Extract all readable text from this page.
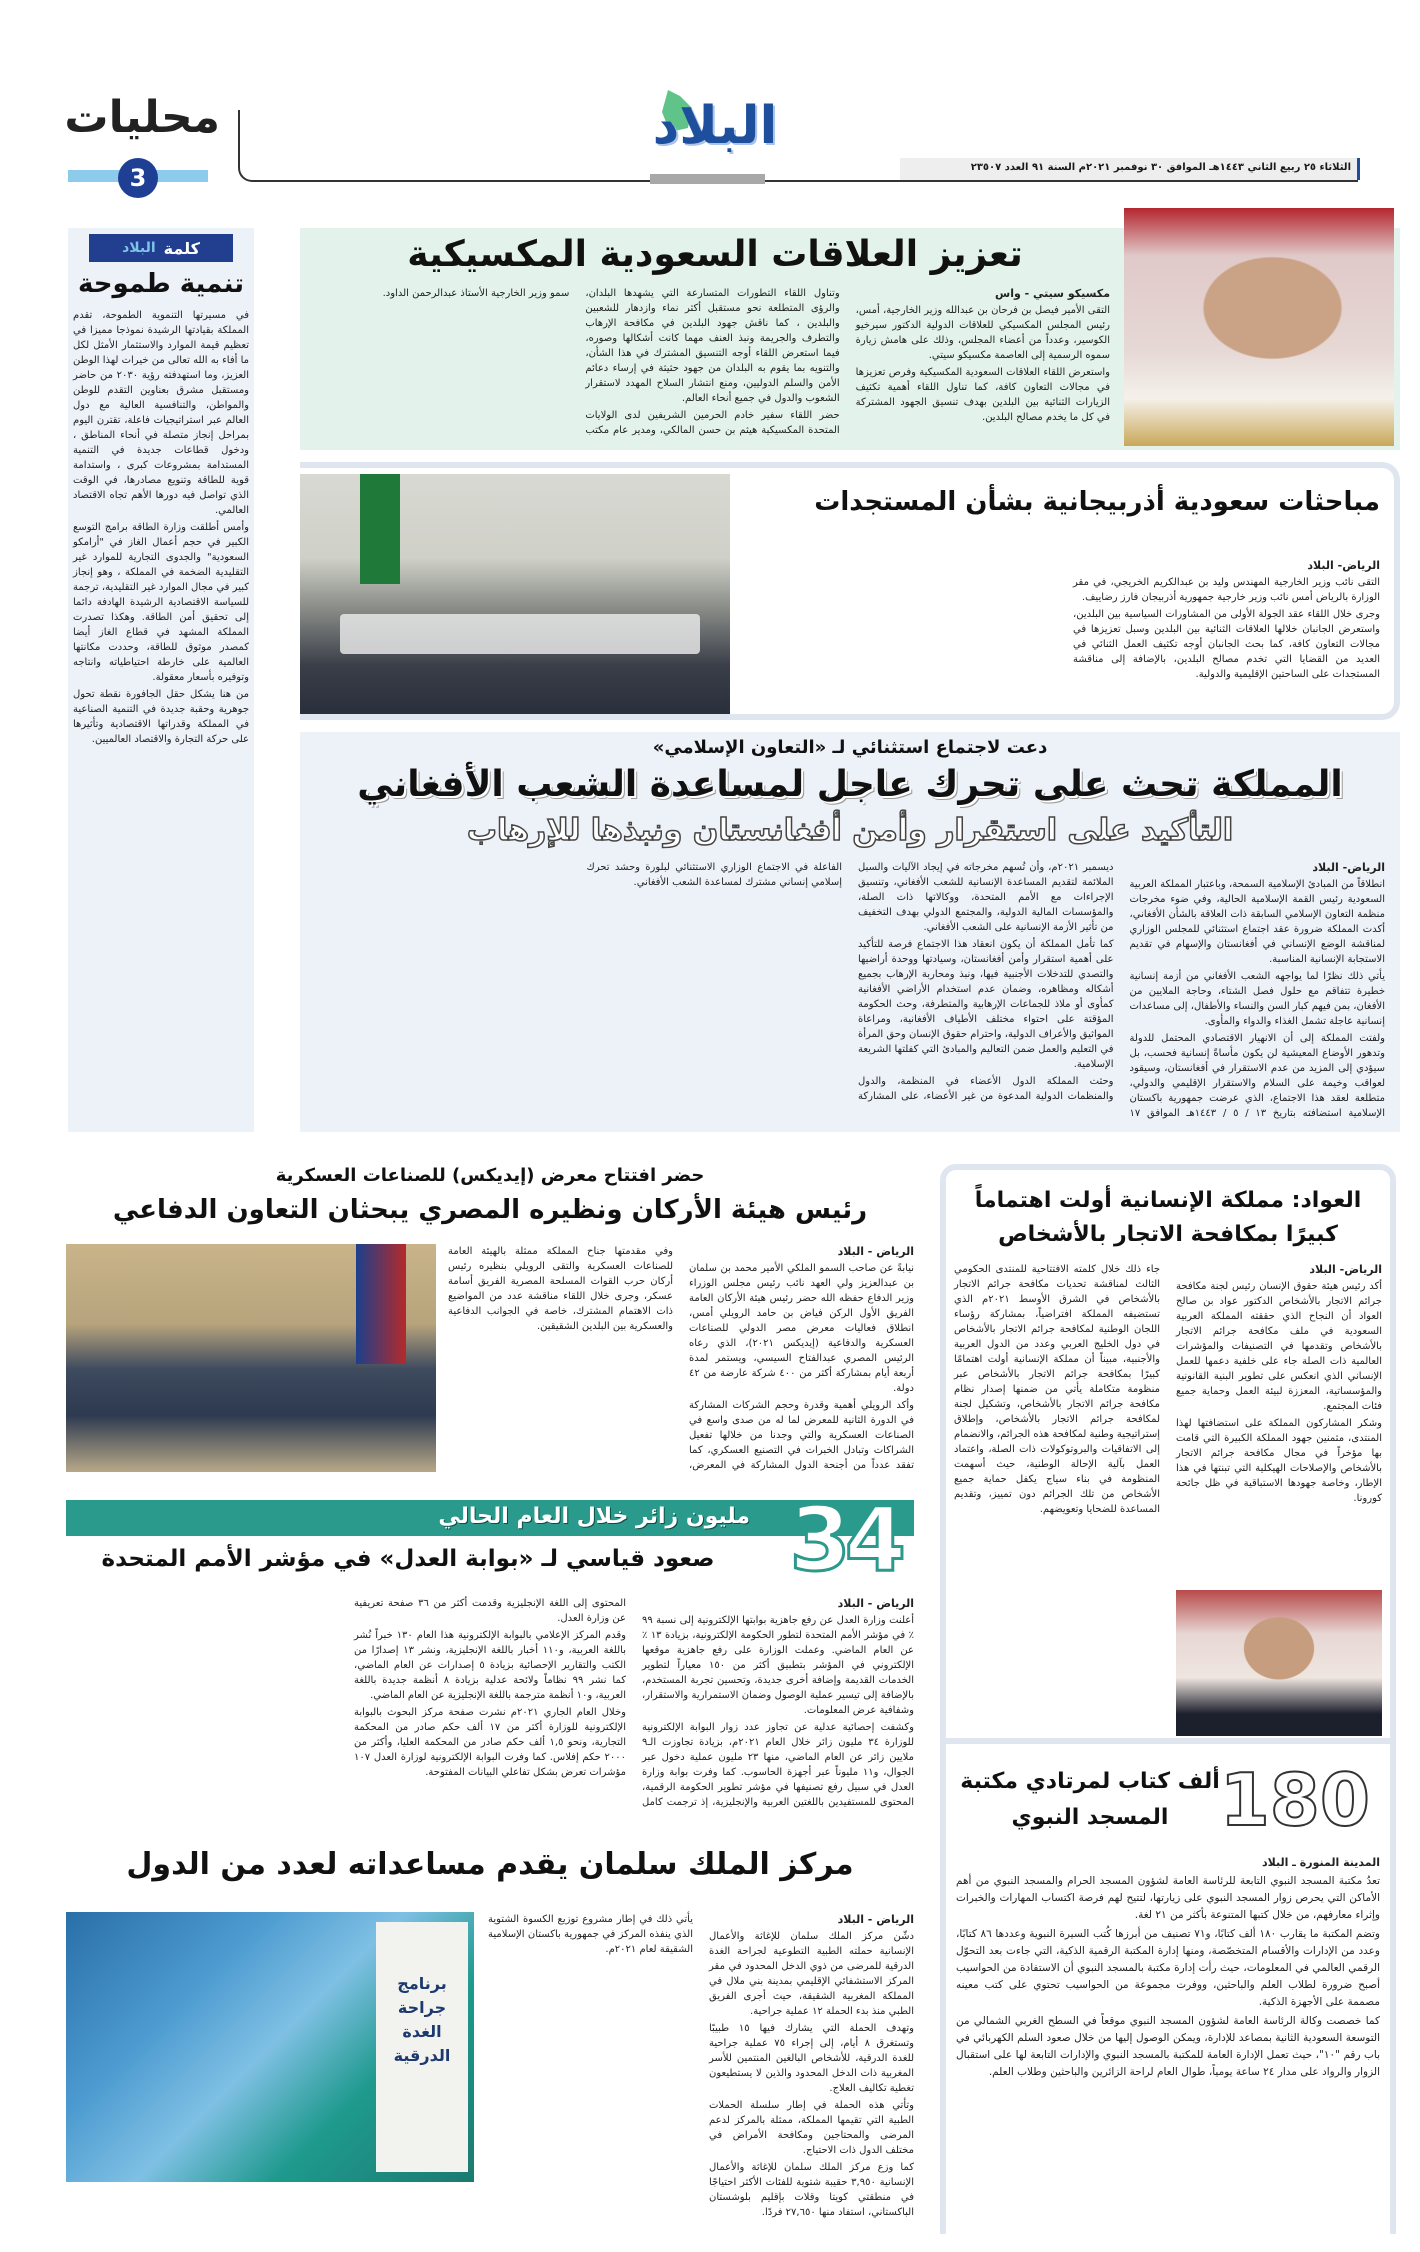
محليات
3
البلاد
الثلاثاء ٢٥ ربيع الثاني ١٤٤٣هـ الموافق ٣٠ نوفمبر ٢٠٢١م السنة ٩١ العدد ٢٣٥٠٧
كلمة
البلاد
تنمية طموحة

في مسيرتها التنموية الطموحة، تقدم المملكة بقيادتها الرشيدة نموذجا مميزا في تعظيم قيمة الموارد والاستثمار الأمثل لكل ما أفاء به الله تعالى من خيرات لهذا الوطن العزيز، وما استهدفته رؤية ٢٠٣٠ من حاضر ومستقبل مشرق بعناوين التقدم للوطن والمواطن، والتنافسية العالية مع دول العالم عبر استراتيجيات فاعلة، تقترن اليوم بمراحل إنجاز متصلة في أنحاء المناطق ، ودخول قطاعات جديدة في التنمية المستدامة بمشروعات كبرى ، واستدامة قوية للطاقة وتنويع مصادرها، في الوقت الذي تواصل فيه دورها الأهم تجاه الاقتصاد العالمي.

وأمس أطلقت وزارة الطاقة برامج التوسع الكبير في حجم أعمال الغاز في "أرامكو السعودية" والجدوى التجارية للموارد غير التقليدية الضخمة في المملكة ، وهو إنجاز كبير في مجال الموارد غير التقليدية، ترجمة للسياسة الاقتصادية الرشيدة الهادفة دائما إلى تحقيق أمن الطاقة. وهكذا تصدرت المملكة المشهد في قطاع الغاز أيضا كمصدر موثوق للطاقة، وحددت مكانتها العالمية على خارطة احتياطياته وانتاجه وتوفيره بأسعار معقولة.

من هنا يشكل حقل الجافورة نقطة تحول جوهرية وحقبة جديدة في التنمية الصناعية في المملكة وقدراتها الاقتصادية وتأثيرها على حركة التجارة والاقتصاد العالميين.

تعزيز العلاقات السعودية المكسيكية

مكسيكو سيتي - واس

التقى الأمير فيصل بن فرحان بن عبدالله وزير الخارجية، أمس، رئيس المجلس المكسيكي للعلاقات الدولية الدكتور سيرخيو الكوسير، وعدداً من أعضاء المجلس، وذلك على هامش زيارة سموه الرسمية إلى العاصمة مكسيكو سيتي.

واستعرض اللقاء العلاقات السعودية المكسيكية وفرص تعزيزها في مجالات التعاون كافة، كما تناول اللقاء أهمية تكثيف الزيارات الثنائية بين البلدين بهدف تنسيق الجهود المشتركة في كل ما يخدم مصالح البلدين.

وتناول اللقاء التطورات المتسارعة التي يشهدها البلدان، والرؤى المتطلعة نحو مستقبل أكثر نماء وازدهار للشعبين والبلدين ، كما ناقش جهود البلدين في مكافحة الإرهاب والتطرف والجريمة ونبذ العنف مهما كانت أشكالها وصوره، فيما استعرض اللقاء أوجه التنسيق المشترك في هذا الشأن، والتنويه بما يقوم به البلدان من جهود حثيثة في إرساء دعائم الأمن والسلم الدوليين، ومنع انتشار السلاح المهدد لاستقرار الشعوب والدول في جميع أنحاء العالم.

حضر اللقاء سفير خادم الحرمين الشريفين لدى الولايات المتحدة المكسيكية هيثم بن حسن المالكي، ومدير عام مكتب سمو وزير الخارجية الأستاذ عبدالرحمن الداود.

مباحثات سعودية أذربيجانية بشأن المستجدات

الرياض- البلاد

التقى نائب وزير الخارجية المهندس وليد بن عبدالكريم الخريجي، في مقر الوزارة بالرياض أمس نائب وزير خارجية جمهورية أذربيجان فارز رضاييف.

وجرى خلال اللقاء عقد الجولة الأولى من المشاورات السياسية بين البلدين، واستعرض الجانبان خلالها العلاقات الثنائية بين البلدين وسبل تعزيزها في مجالات التعاون كافة، كما بحث الجانبان أوجه تكثيف العمل الثنائي في العديد من القضايا التي تخدم مصالح البلدين، بالإضافة إلى مناقشة المستجدات على الساحتين الإقليمية والدولية.

دعت لاجتماع استثنائي لـ «التعاون الإسلامي»
المملكة تحث على تحرك عاجل لمساعدة الشعب الأفغاني
التأكيد على استقرار وأمن أفغانستان ونبذها للإرهاب

الرياض- البلاد

انطلاقاً من المبادئ الإسلامية السمحة، وباعتبار المملكة العربية السعودية رئيس القمة الإسلامية الحالية، وفي ضوء مخرجات منظمة التعاون الإسلامي السابقة ذات العلاقة بالشأن الأفغاني، أكدت المملكة ضرورة عقد اجتماع استثنائي للمجلس الوزاري لمناقشة الوضع الإنساني في أفغانستان والإسهام في تقديم الاستجابة الإنسانية المناسبة.

يأتي ذلك نظرًا لما يواجهه الشعب الأفغاني من أزمة إنسانية خطيرة تتفاقم مع حلول فصل الشتاء، وحاجة الملايين من الأفغان، بمن فيهم كبار السن والنساء والأطفال، إلى مساعدات إنسانية عاجلة تشمل الغذاء والدواء والمأوى.

ولفتت المملكة إلى أن الانهيار الاقتصادي المحتمل للدولة وتدهور الأوضاع المعيشية لن يكون مأساةً إنسانية فحسب، بل سيؤدي إلى المزيد من عدم الاستقرار في أفغانستان، وسيقود لعواقب وخيمة على السلام والاستقرار الإقليمي والدولي، متطلعة لعقد هذا الاجتماع، الذي عرضت جمهورية باكستان الإسلامية استضافته بتاريخ ١٣ / ٥ / ١٤٤٣هـ الموافق ١٧ ديسمبر ٢٠٢١م، وأن تُسهم مخرجاته في إيجاد الآليات والسبل الملائمة لتقديم المساعدة الإنسانية للشعب الأفغاني، وتنسيق الإجراءات مع الأمم المتحدة، ووكالاتها ذات الصلة، والمؤسسات المالية الدولية، والمجتمع الدولي بهدف التخفيف من تأثير الأزمة الإنسانية على الشعب الأفغاني.

كما تأمل المملكة أن يكون انعقاد هذا الاجتماع فرصة للتأكيد على أهمية استقرار وأمن أفغانستان، وسيادتها ووحدة أراضيها والتصدي للتدخلات الأجنبية فيها، ونبذ ومحاربة الإرهاب بجميع أشكاله ومظاهره، وضمان عدم استخدام الأراضي الأفغانية كمأوى أو ملاذ للجماعات الإرهابية والمتطرفة، وحث الحكومة المؤقتة على احتواء مختلف الأطياف الأفغانية، ومراعاة المواثيق والأعراف الدولية، واحترام حقوق الإنسان وحق المرأة في التعليم والعمل ضمن التعاليم والمبادئ التي كفلتها الشريعة الإسلامية.

وحثت المملكة الدول الأعضاء في المنظمة، والدول والمنظمات الدولية المدعوة من غير الأعضاء، على المشاركة الفاعلة في الاجتماع الوزاري الاستثنائي لبلورة وحشد تحرك إسلامي إنساني مشترك لمساعدة الشعب الأفغاني.

حضر افتتاح معرض (إيديكس) للصناعات العسكرية
رئيس هيئة الأركان ونظيره المصري يبحثان التعاون الدفاعي

الرياض - البلاد

نيابةً عن صاحب السمو الملكي الأمير محمد بن سلمان بن عبدالعزيز ولي العهد نائب رئيس مجلس الوزراء وزير الدفاع حفظه الله حضر رئيس هيئة الأركان العامة الفريق الأول الركن فياض بن حامد الرويلي أمس، انطلاق فعاليات معرض مصر الدولي للصناعات العسكرية والدفاعية (إيديكس ٢٠٢١)، الذي رعاه الرئيس المصري عبدالفتاح السيسي، ويستمر لمدة أربعة أيام بمشاركة أكثر من ٤٠٠ شركة عارضة من ٤٢ دولة.

وأكد الرويلي أهمية وقدرة وحجم الشركات المشاركة في الدورة الثانية للمعرض لما له من صدى واسع في الصناعات العسكرية والتي وجدنا من خلالها تفعيل الشراكات وتبادل الخبرات في التصنيع العسكري، كما تفقد عدداً من أجنحة الدول المشاركة في المعرض، وفي مقدمتها جناح المملكة ممثلة بالهيئة العامة للصناعات العسكرية والتقى الرويلي بنظيره رئيس أركان حرب القوات المسلحة المصرية الفريق أسامة عسكر، وجرى خلال اللقاء مناقشة عدد من المواضيع ذات الاهتمام المشترك، خاصة في الجوانب الدفاعية والعسكرية بين البلدين الشقيقين.

العواد: مملكة الإنسانية أولت اهتماماً كبيرًا بمكافحة الاتجار بالأشخاص

الرياض- البلاد

أكد رئيس هيئة حقوق الإنسان رئيس لجنة مكافحة جرائم الاتجار بالأشخاص الدكتور عواد بن صالح العواد أن النجاح الذي حققته المملكة العربية السعودية في ملف مكافحة جرائم الاتجار بالأشخاص وتقدمها في التصنيفات والمؤشرات العالمية ذات الصلة جاء على خلفية دعمها للعمل الإنساني الذي انعكس على تطوير البنية القانونية والمؤسساتية، المعززة لبيئة العمل وحماية جميع فئات المجتمع.

وشكر المشاركون المملكة على استضافتها لهذا المنتدى، مثمنين جهود المملكة الكبيرة التي قامت بها مؤخراً في مجال مكافحة جرائم الاتجار بالأشخاص والإصلاحات الهيكلية التي تبنتها في هذا الإطار، وخاصة جهودها الاستباقية في ظل جائحة كورونا.

جاء ذلك خلال كلمته الافتتاحية للمنتدى الحكومي الثالث لمناقشة تحديات مكافحة جرائم الاتجار بالأشخاص في الشرق الأوسط ٢٠٢١م الذي تستضيفه المملكة افتراضياً، بمشاركة رؤساء اللجان الوطنية لمكافحة جرائم الاتجار بالأشخاص في دول الخليج العربي وعدد من الدول العربية والأجنبية، مبيناً أن مملكة الإنسانية أولت اهتمامًا كبيرًا بمكافحة جرائم الاتجار بالأشخاص عبر منظومة متكاملة يأتي من ضمنها إصدار نظام مكافحة جرائم الاتجار بالأشخاص، وتشكيل لجنة لمكافحة جرائم الاتجار بالأشخاص، وإطلاق إستراتيجية وطنية لمكافحة هذه الجرائم، والانضمام إلى الاتفاقيات والبروتوكولات ذات الصلة، واعتماد العمل بآلية الإحالة الوطنية، حيث أسهمت المنظومة في بناء سياج يكفل حماية جميع الأشخاص من تلك الجرائم دون تمييز، وتقديم المساعدة للضحايا وتعويضهم.

مليون زائر خلال العام الحالي 34
صعود قياسي لـ «بوابة العدل» في مؤشر الأمم المتحدة

الرياض - البلاد

أعلنت وزارة العدل عن رفع جاهزية بوابتها الإلكترونية إلى نسبة ٩٩ ٪ في مؤشر الأمم المتحدة لتطور الحكومة الإلكترونية، بزيادة ١٣ ٪ عن العام الماضي. وعملت الوزارة على رفع جاهزية موقعها الإلكتروني في المؤشر بتطبيق أكثر من ١٥٠ معياراً لتطوير الخدمات القديمة وإضافة أخرى جديدة، وتحسين تجربة المستخدم، بالإضافة إلى تيسير عملية الوصول وضمان الاستمرارية والاستقرار، وشفافية عرض المعلومات.

وكشفت إحصائية عدلية عن تجاوز عدد زوار البوابة الإلكترونية للوزارة ٣٤ مليون زائر خلال العام ٢٠٢١م، بزيادة تجاوزت الـ٩ ملايين زائر عن العام الماضي، منها ٢٣ مليون عملية دخول عبر الجوال، و١١ مليوناً عبر أجهزة الحاسوب. كما وفرت بوابة وزارة العدل في سبيل رفع تصنيفها في مؤشر تطوير الحكومة الرقمية، المحتوى للمستفيدين باللغتين العربية والإنجليزية، إذ ترجمت كامل المحتوى إلى اللغة الإنجليزية وقدمت أكثر من ٣٦ صفحة تعريفية عن وزارة العدل.

وقدم المركز الإعلامي بالبوابة الإلكترونية هذا العام ١٣٠ خبراً نُشر باللغة العربية، و١١٠ أخبار باللغة الإنجليزية، ونشر ١٣ إصدارًا من الكتب والتقارير الإحصائية بزيادة ٥ إصدارات عن العام الماضي، كما نشر ٩٩ نظاماً ولائحة عدلية بزيادة ٨ أنظمة جديدة باللغة العربية، و١٠ أنظمة مترجمة باللغة الإنجليزية عن العام الماضي.

وخلال العام الجاري ٢٠٢١م نشرت صفحة مركز البحوث بالبوابة الإلكترونية للوزارة أكثر من ١٧ ألف حكم صادر من المحكمة التجارية، ونحو ١,٥ ألف حكم صادر من المحكمة العليا، وأكثر من ٢٠٠٠ حكم إفلاس. كما وفرت البوابة الإلكترونية لوزارة العدل ١٠٧ مؤشرات تعرض بشكل تفاعلي البيانات المفتوحة.	180
ألف كتاب لمرتادي مكتبة المسجد النبوي

المدينة المنورة ـ البلاد

تعدُ مكتبة المسجد النبوي التابعة للرئاسة العامة لشؤون المسجد الحرام والمسجد النبوي من أهم الأماكن التي يحرص زوار المسجد النبوي على زيارتها، لتتيح لهم فرصة اكتساب المهارات والخبرات وإثراء معارفهم، من خلال كتبها المتنوعة بأكثر من ٢١ لغة.

وتضم المكتبة ما يقارب ١٨٠ ألف كتابًا، و٧١ تصنيف من أبرزها كُتب السيرة النبوية وعددها ٨٦ كتابًا، وعدد من الإدارات والأقسام المتخصّصة، ومنها إدارة المكتبة الرقمية الذكية، التي جاءت بعد التحوّل الرقمي العالمي في المعلومات، حيث رأت إدارة مكتبة بالمسجد النبوي أن الاستفادة من الحواسيب أصبح ضرورة لطلاب العلم والباحثين، ووفرت مجموعة من الحواسيب تحتوي على كتب معينه مصممة على الأجهزة الذكية.

كما خصصت وكالة الرئاسة العامة لشؤون المسجد النبوي موقعاً في السطح الغربي الشمالي من التوسعة السعودية الثانية بمصاعد للإدارة، ويمكن الوصول إليها من خلال صعود السلم الكهربائي في باب رقم "١٠"، حيث تعمل الإدارة العامة للمكتبة بالمسجد النبوي والإدارات التابعة لها على استقبال الزوار والرواد على مدار ٢٤ ساعة يومياً، طوال العام لراحة الزائرين والباحثين وطلاب العلم.

مركز الملك سلمان يقدم مساعداته لعدد من الدول
برنامج جراحة الغدة الدرقية

الرياض - البلاد

دشّن مركز الملك سلمان للإغاثة والأعمال الإنسانية حملته الطبية التطوعية لجراحة الغدة الدرقية للمرضى من ذوي الدخل المحدود في مقر المركز الاستشفائي الإقليمي بمدينة بني ملال في المملكة المغربية الشقيقة، حيث أجرى الفريق الطبي منذ بدء الحملة ١٢ عملية جراحية.

وتهدف الحملة التي يشارك فيها ١٥ طبيبًا وتستغرق ٨ أيام، إلى إجراء ٧٥ عملية جراحية للغدة الدرقية، للأشخاص البالغين المنتمين للأسر المغربية ذات الدخل المحدود والذين لا يستطيعون تغطية تكاليف العلاج.

وتأتي هذه الحملة في إطار سلسلة الحملات الطبية التي تقيمها المملكة، ممثلة بالمركز لدعم المرضى والمحتاجين ومكافحة الأمراض في مختلف الدول ذات الاحتياج.

كما وزع مركز الملك سلمان للإغاثة والأعمال الإنسانية ٣,٩٥٠ حقيبة شتوية للفئات الأكثر احتياجًا في منطقتي كويتا وقلات بإقليم بلوشستان الباكستاني، استفاد منها ٢٧,٦٥٠ فردًا.

يأتي ذلك في إطار مشروع توزيع الكسوة الشتوية الذي ينفذه المركز في جمهورية باكستان الإسلامية الشقيقة لعام ٢٠٢١م.
